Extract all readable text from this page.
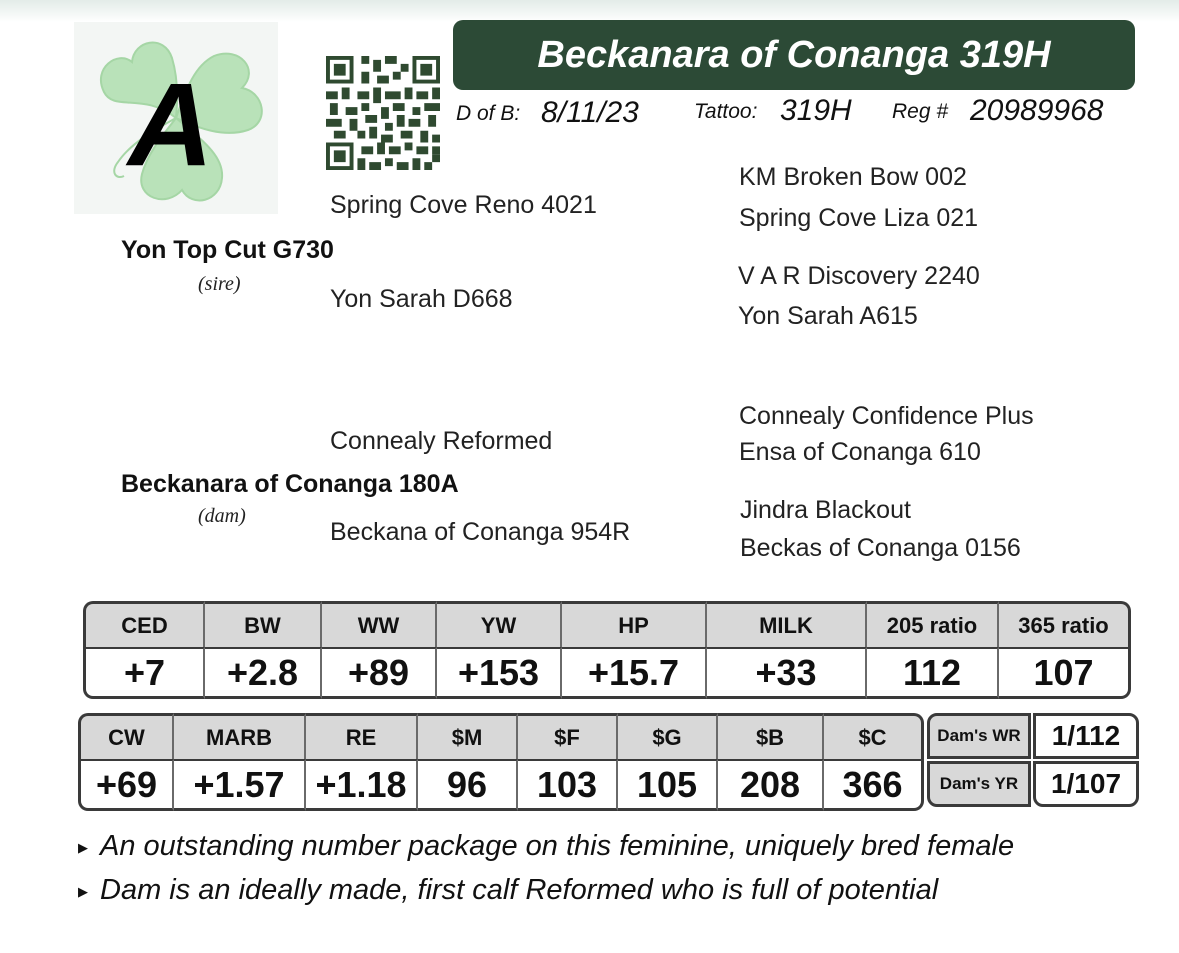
A
Beckanara of Conanga 319H
D of B: 8/11/23	Tattoo: 319H Reg # 20989968
KM Broken Bow 002
Spring Cove Reno 4021	Spring Cove Liza 021
Yon Top Cut G730
V A R Discovery 2240
(sire)
Yon Sarah D668
Yon Sarah A615
Connealy Confidence Plus
Connealy Reformed	Ensa of Conanga 610
Beckanara of Conanga 180A
Jindra Blackout
(dam)
Beckana of Conanga 954R
Beckas of Conanga 0156
CED	BW	WW	YW	HP	MILK	205 ratio	365 ratio
+7	+2.8	+89	+153	+15.7	+33	112	107
CW	MARB	RE	$M	$F	$G	$B	$C
+69	+1.57	+1.18	96	103	105	208	366
Dam's WR	1/112
Dam's YR	1/107
▶ An outstanding number package on this feminine, uniquely bred female
▶ Dam is an ideally made, first calf Reformed who is full of potential
